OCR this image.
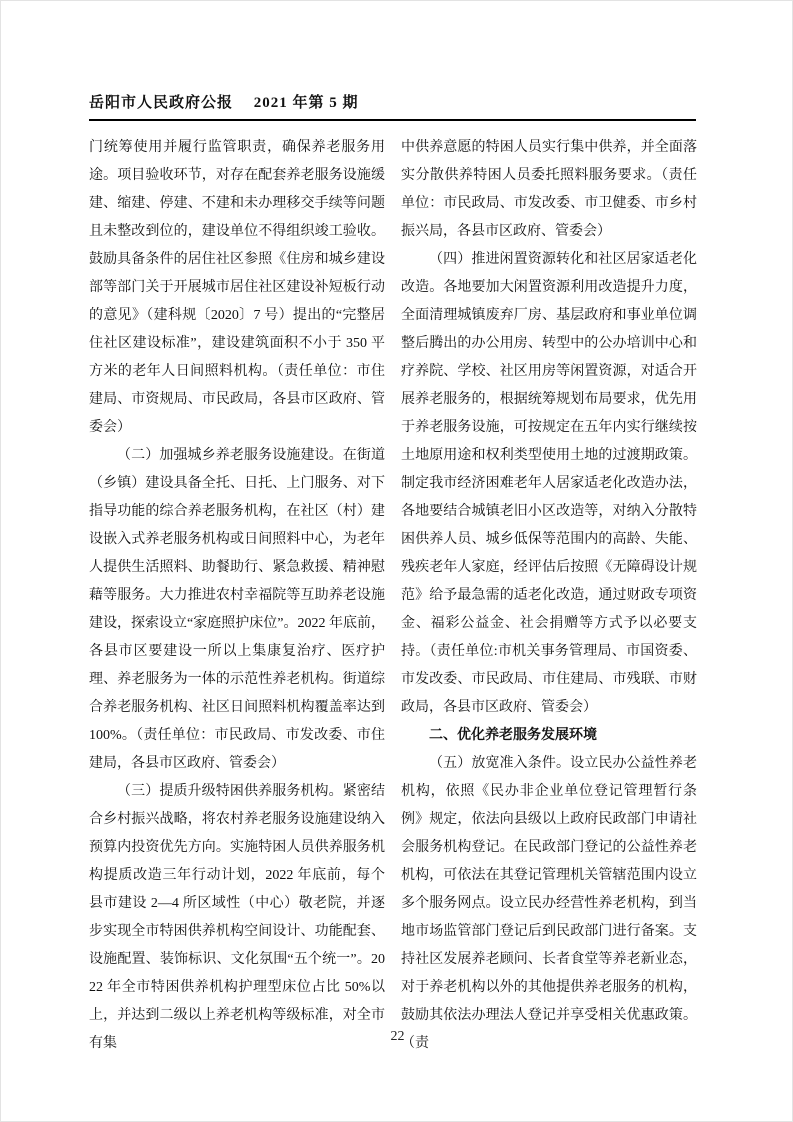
岳阳市人民政府公报 2021 年第 5 期

门统筹使用并履行监管职责，确保养老服务用途。项目验收环节，对存在配套养老服务设施缓建、缩建、停建、不建和未办理移交手续等问题且未整改到位的，建设单位不得组织竣工验收。鼓励具备条件的居住社区参照《住房和城乡建设部等部门关于开展城市居住社区建设补短板行动的意见》（建科规〔2020〕7 号）提出的“完整居住社区建设标准”，建设建筑面积不小于 350 平方米的老年人日间照料机构。（责任单位：市住建局、市资规局、市民政局，各县市区政府、管委会）

（二）加强城乡养老服务设施建设。在街道（乡镇）建设具备全托、日托、上门服务、对下指导功能的综合养老服务机构，在社区（村）建设嵌入式养老服务机构或日间照料中心，为老年人提供生活照料、助餐助行、紧急救援、精神慰藉等服务。大力推进农村幸福院等互助养老设施建设，探索设立“家庭照护床位”。2022 年底前，各县市区要建设一所以上集康复治疗、医疗护理、养老服务为一体的示范性养老机构。街道综合养老服务机构、社区日间照料机构覆盖率达到 100%。（责任单位：市民政局、市发改委、市住建局，各县市区政府、管委会）

（三）提质升级特困供养服务机构。紧密结合乡村振兴战略，将农村养老服务设施建设纳入预算内投资优先方向。实施特困人员供养服务机构提质改造三年行动计划，2022 年底前，每个县市建设 2—4 所区域性（中心）敬老院，并逐步实现全市特困供养机构空间设计、功能配套、设施配置、装饰标识、文化氛围“五个统一”。2022 年全市特困供养机构护理型床位占比 50%以上，并达到二级以上养老机构等级标准，对全市有集

中供养意愿的特困人员实行集中供养，并全面落实分散供养特困人员委托照料服务要求。（责任单位：市民政局、市发改委、市卫健委、市乡村振兴局，各县市区政府、管委会）

（四）推进闲置资源转化和社区居家适老化改造。各地要加大闲置资源利用改造提升力度，全面清理城镇废弃厂房、基层政府和事业单位调整后腾出的办公用房、转型中的公办培训中心和疗养院、学校、社区用房等闲置资源，对适合开展养老服务的，根据统筹规划布局要求，优先用于养老服务设施，可按规定在五年内实行继续按土地原用途和权利类型使用土地的过渡期政策。制定我市经济困难老年人居家适老化改造办法，各地要结合城镇老旧小区改造等，对纳入分散特困供养人员、城乡低保等范围内的高龄、失能、残疾老年人家庭，经评估后按照《无障碍设计规范》给予最急需的适老化改造，通过财政专项资金、福彩公益金、社会捐赠等方式予以必要支持。（责任单位:市机关事务管理局、市国资委、市发改委、市民政局、市住建局、市残联、市财政局，各县市区政府、管委会）

二、优化养老服务发展环境

（五）放宽准入条件。设立民办公益性养老机构，依照《民办非企业单位登记管理暂行条例》规定，依法向县级以上政府民政部门申请社会服务机构登记。在民政部门登记的公益性养老机构，可依法在其登记管理机关管辖范围内设立多个服务网点。设立民办经营性养老机构，到当地市场监管部门登记后到民政部门进行备案。支持社区发展养老顾问、长者食堂等养老新业态，对于养老机构以外的其他提供养老服务的机构，鼓励其依法办理法人登记并享受相关优惠政策。（责

22
